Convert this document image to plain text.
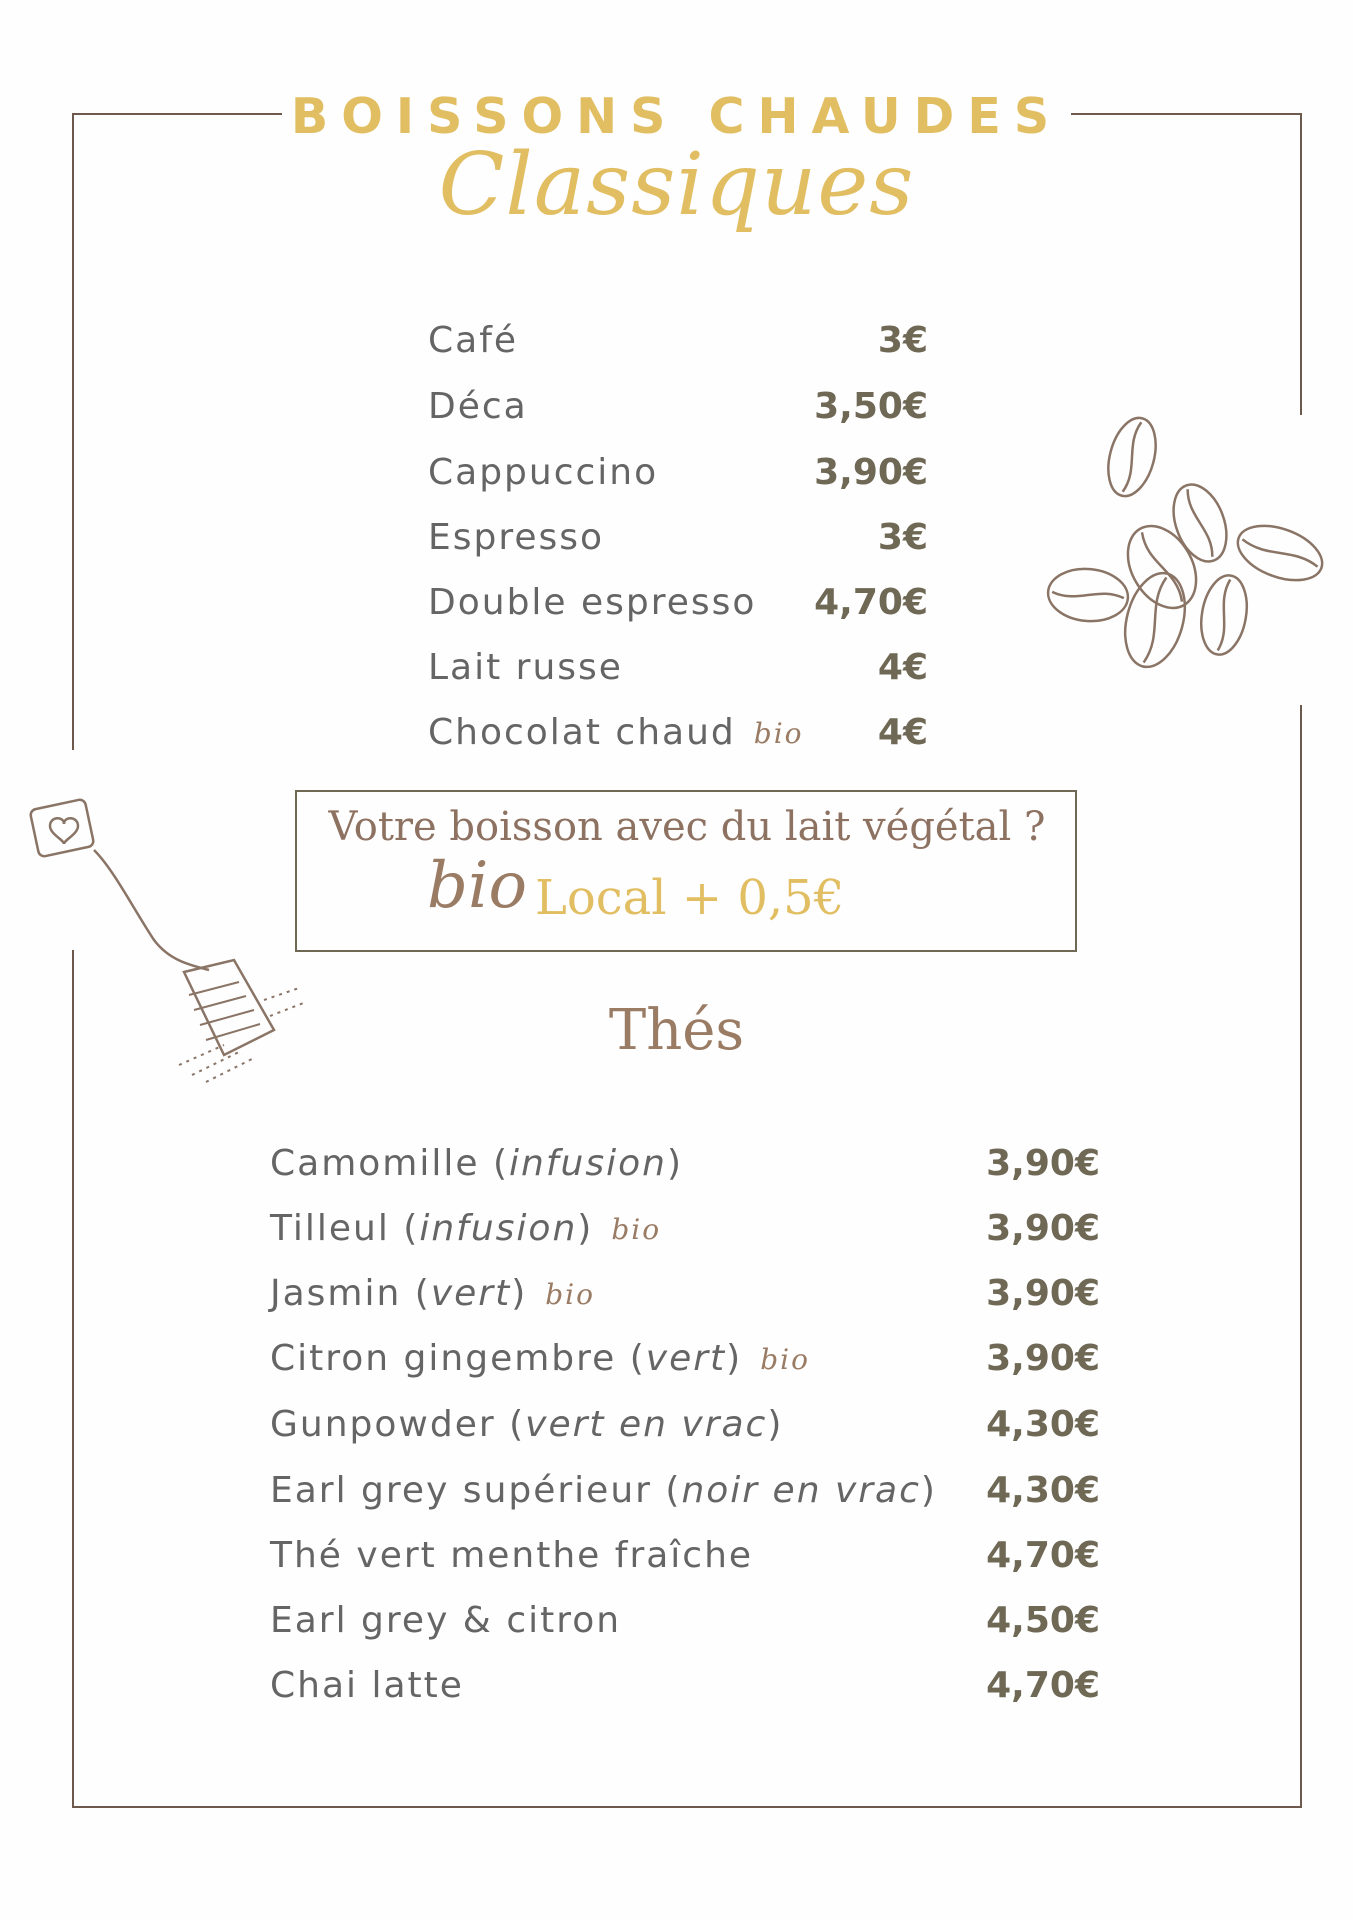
BOISSONS CHAUDES
Classiques
Café	3€
Déca	3,50€
Cappuccino	3,90€
Espresso	3€
Double espresso 4,70€
Lait russe	4€
Chocolat chaud bio 4€
Votre boisson avec du lait végétal ?
bio Local + 0,5€
Thés
Camomille (infusion)	3,90€
Tilleul (infusion) bio	3,90€
Jasmin (vert) bio	3,90€
Citron gingembre (vert) bio	3,90€
Gunpowder (vert en vrac)	4,30€
Earl grey supérieur (noir en vrac) 4,30€
Thé vert menthe fraîche	4,70€
Earl grey & citron	4,50€
Chai latte	4,70€
